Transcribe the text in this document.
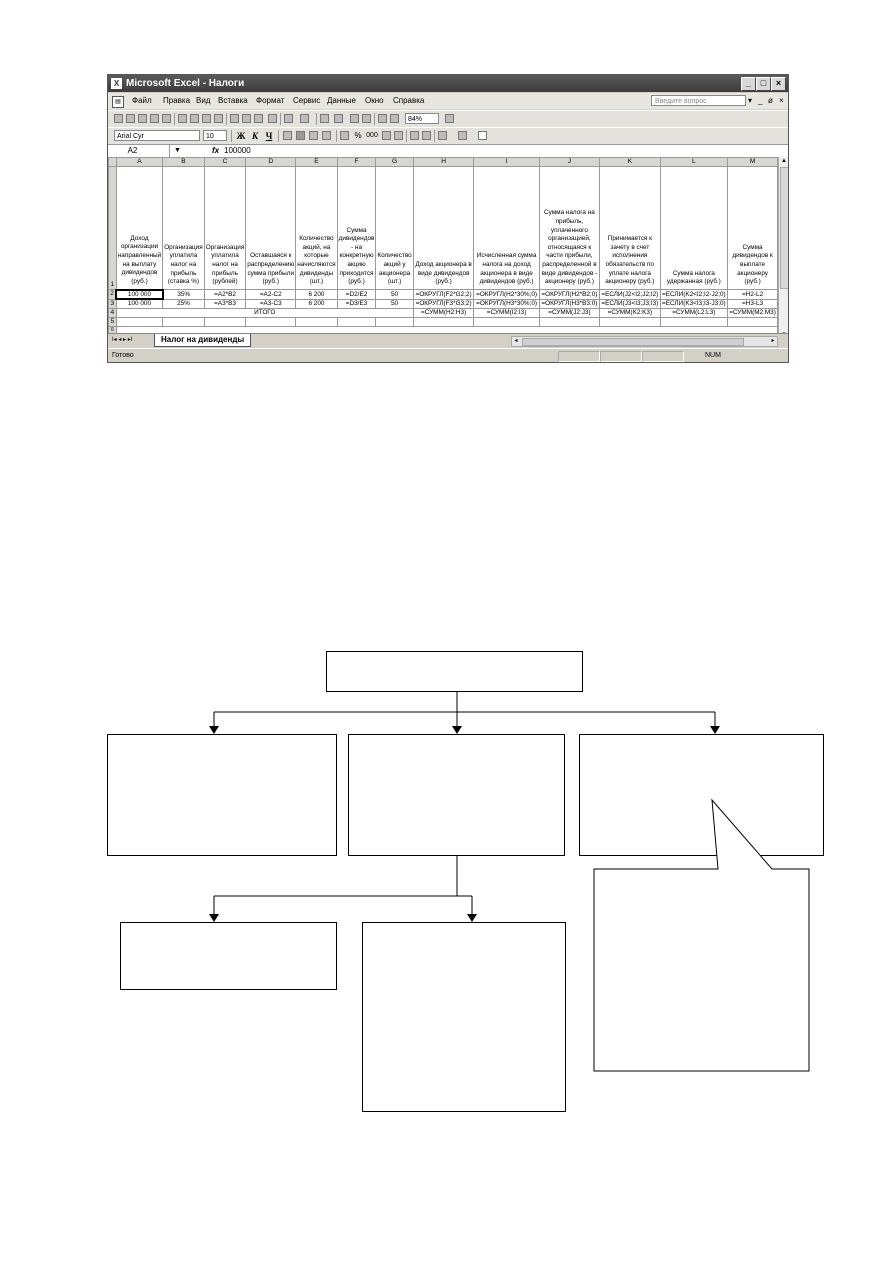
X Microsoft Excel - Налоги	_	□	×
▤	Файл Правка Вид Вставка Формат Сервис Данные Окно Справка	Введите вопрос	▾ _ ø ×
84%
Arial Cyr	10	Ж К Ч	% 000
A2	▼	fx 100000
	A	B	C	D	E	F	G	H	I	J	K	L	M
1	Доход организации направленный на выплату дивидендов (руб.)	Организация уплатила налог на прибыль (ставка %)	Организация уплатила налог на прибыль (рублей)	Оставшаяся к распределению сумма прибыли (руб.)	Количество акций, на которые начисляются дивиденды (шт.)	Сумма дивидендов - на конкретную акцию приходится (руб.)	Количество акций у акционера (шт.)	Доход акционера в виде дивидендов (руб.)	Исчисленная сумма налога на доход акционера в виде дивидендов (руб.)	Сумма налога на прибыль, уплаченного организацией, относящаяся к части прибыли, распределенной в виде дивидендов - акционеру (руб.)	Принимается к зачету в счет исполнения обязательств по уплате налога акционеру (руб.)	Сумма налога удержанная (руб.)	Сумма дивидендов к выплате акционеру (руб.)
2	100 000	35%	=A2*B2	=A2-C2	6 200	=D2/E2	50	=ОКРУГЛ(F2*G2;2)	=ОКРУГЛ(H2*30%;0)	=ОКРУГЛ(H2*B2;0)	=ЕСЛИ(J2<I2;J2;I2)	=ЕСЛИ(K2<I2;I2-J2;0)	=H2-L2
3	100 000	25%	=A3*B3	=A3-C3	6 200	=D3/E3	50	=ОКРУГЛ(F3*G3;2)	=ОКРУГЛ(H3*30%;0)	=ОКРУГЛ(H3*B3;0)	=ЕСЛИ(J3<I3;J3;I3)	=ЕСЛИ(K3<I3;I3-J3;0)	=H3-L3
4	ИТОГО							=СУММ(H2:H3)	=СУММ(I2:I3)	=СУММ(J2:J3)	=СУММ(K2:K3)	=СУММ(L2:L3)	=СУММ(M2:M3)
5													
6													
▲
I◂ ◂ ▸ ▸I	Налог на дивиденды	◂	▸
Готово	NUM
